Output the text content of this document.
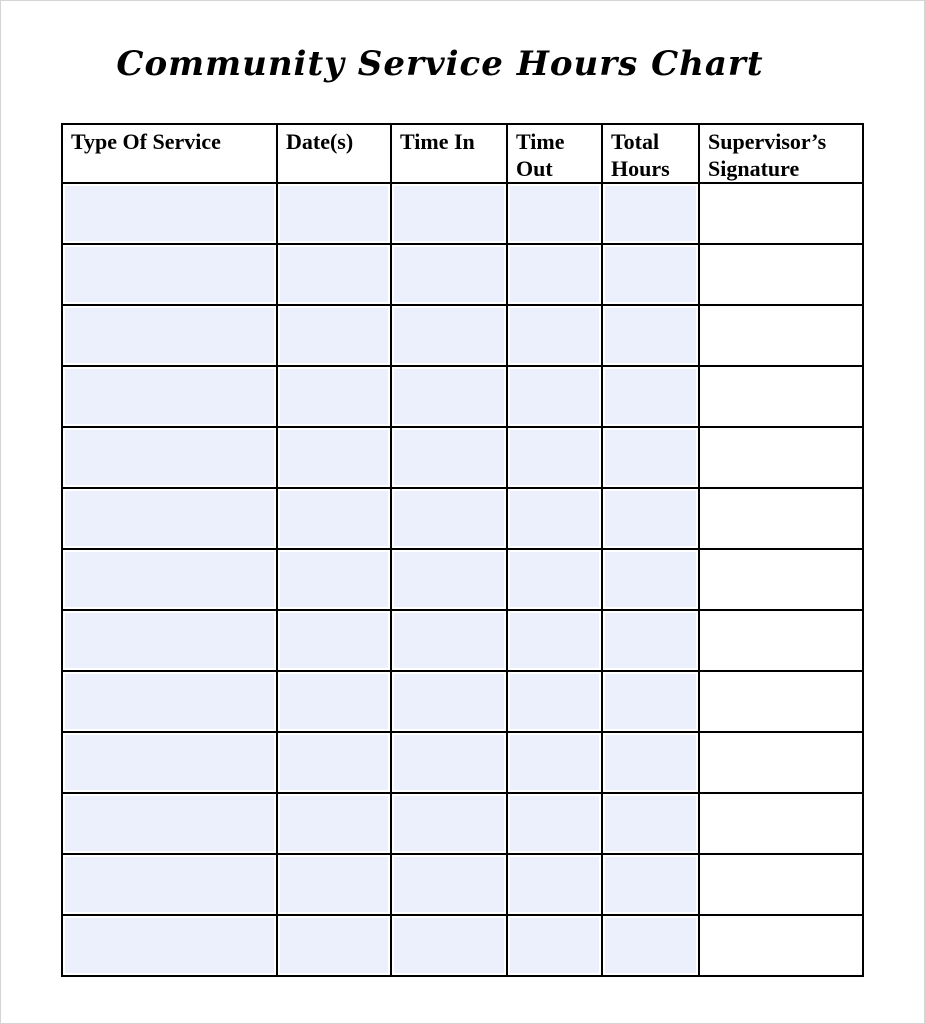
Community Service Hours Chart
Type Of Service	Date(s)	Time In	Time Out	Total Hours	Supervisor’s Signature
